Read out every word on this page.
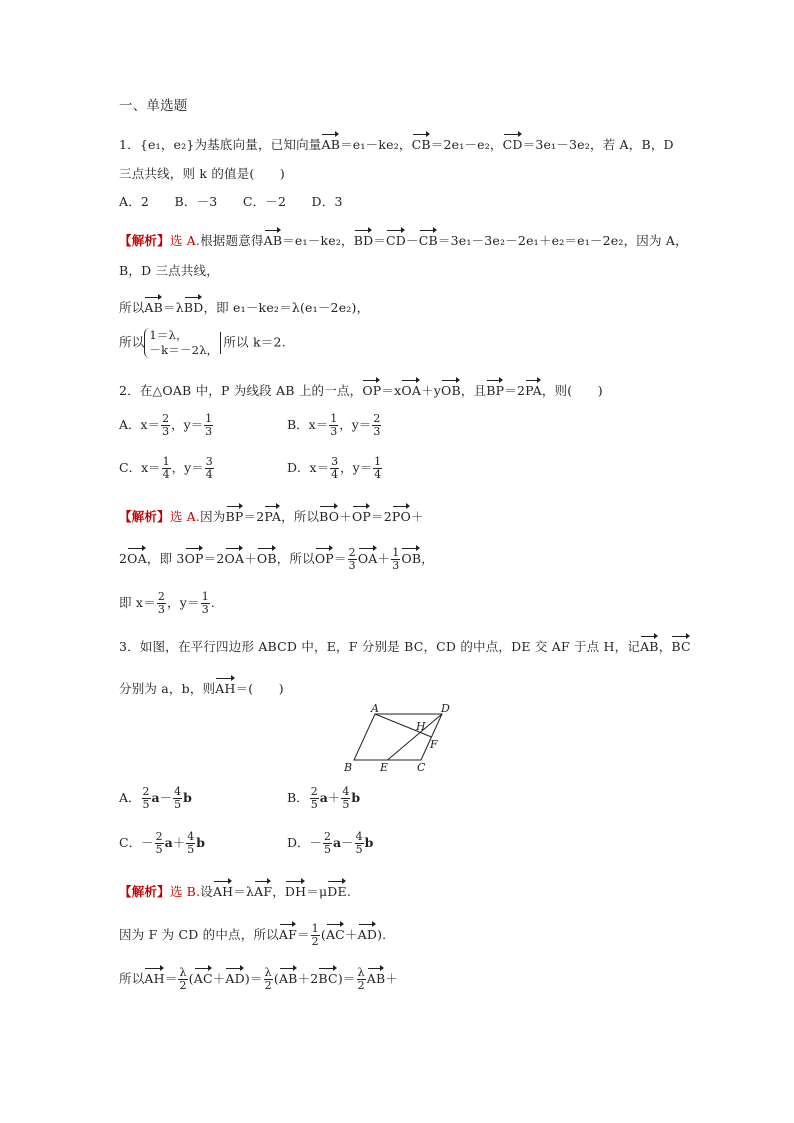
一、单选题
1．{e₁，e₂}为基底向量，已知向量AB＝e₁－ke₂，CB＝2e₁－e₂，CD＝3e₁－3e₂，若 A，B，D
三点共线，则 k 的值是(　　)
A．2　　B．－3　　C．－2　　D．3
【解析】选 A.根据题意得AB＝e₁－ke₂，BD＝CD－CB＝3e₁－3e₂－2e₁＋e₂＝e₁－2e₂，因为 A，
B，D 三点共线，
所以AB＝λBD，即 e₁－ke₂＝λ(e₁－2e₂)，
所以 1＝λ，
－k＝－2λ，所以 k＝2.
2．在△OAB 中，P 为线段 AB 上的一点，OP＝xOA＋yOB，且BP＝2PA，则(　　)
A．$x= \frac{2}{3}$ ，$y= \frac{1}{3}$	B．$x= \frac{1}{3}$ ，$y= \frac{2}{3}$
C．$x= \frac{1}{4}$ ，$y= \frac{3}{4}$	D．$x= \frac{3}{4}$ ，$y= \frac{1}{4}$
【解析】选 A.因为BP＝2PA，所以BO＋OP＝2PO＋
2OA，即 3OP＝2OA＋OB，所以$OP= \frac{2}{3} OA+ \frac{1}{3}$ OB，
即 $x= \frac{2}{3}$ ，$y= \frac{1}{3}$ .
3．如图，在平行四边形 ABCD 中，E，F 分别是 BC，CD 的中点，DE 交 AF 于点 H，记AB，BC
分别为 a，b，则AH＝(　　)
A	D
H
F
B	E	C
A． $\frac{2}{5} a- \frac{4}{5}$ b	B． $\frac{2}{5} a+ \frac{4}{5}$ b
C．－ $\frac{2}{5} a+ \frac{4}{5}$ b	D．－ $\frac{2}{5} a- \frac{4}{5}$ b
【解析】选 B.设AH＝λAF，DH＝μDE.
因为 F 为 CD 的中点，所以$AF= \frac{1}{2} (AC+AD)$.
所以$AH= \frac{\lambda}{2} (AC+AD)= \frac{\lambda}{2} (AB+2BC)= \frac{\lambda}{2} AB+$
